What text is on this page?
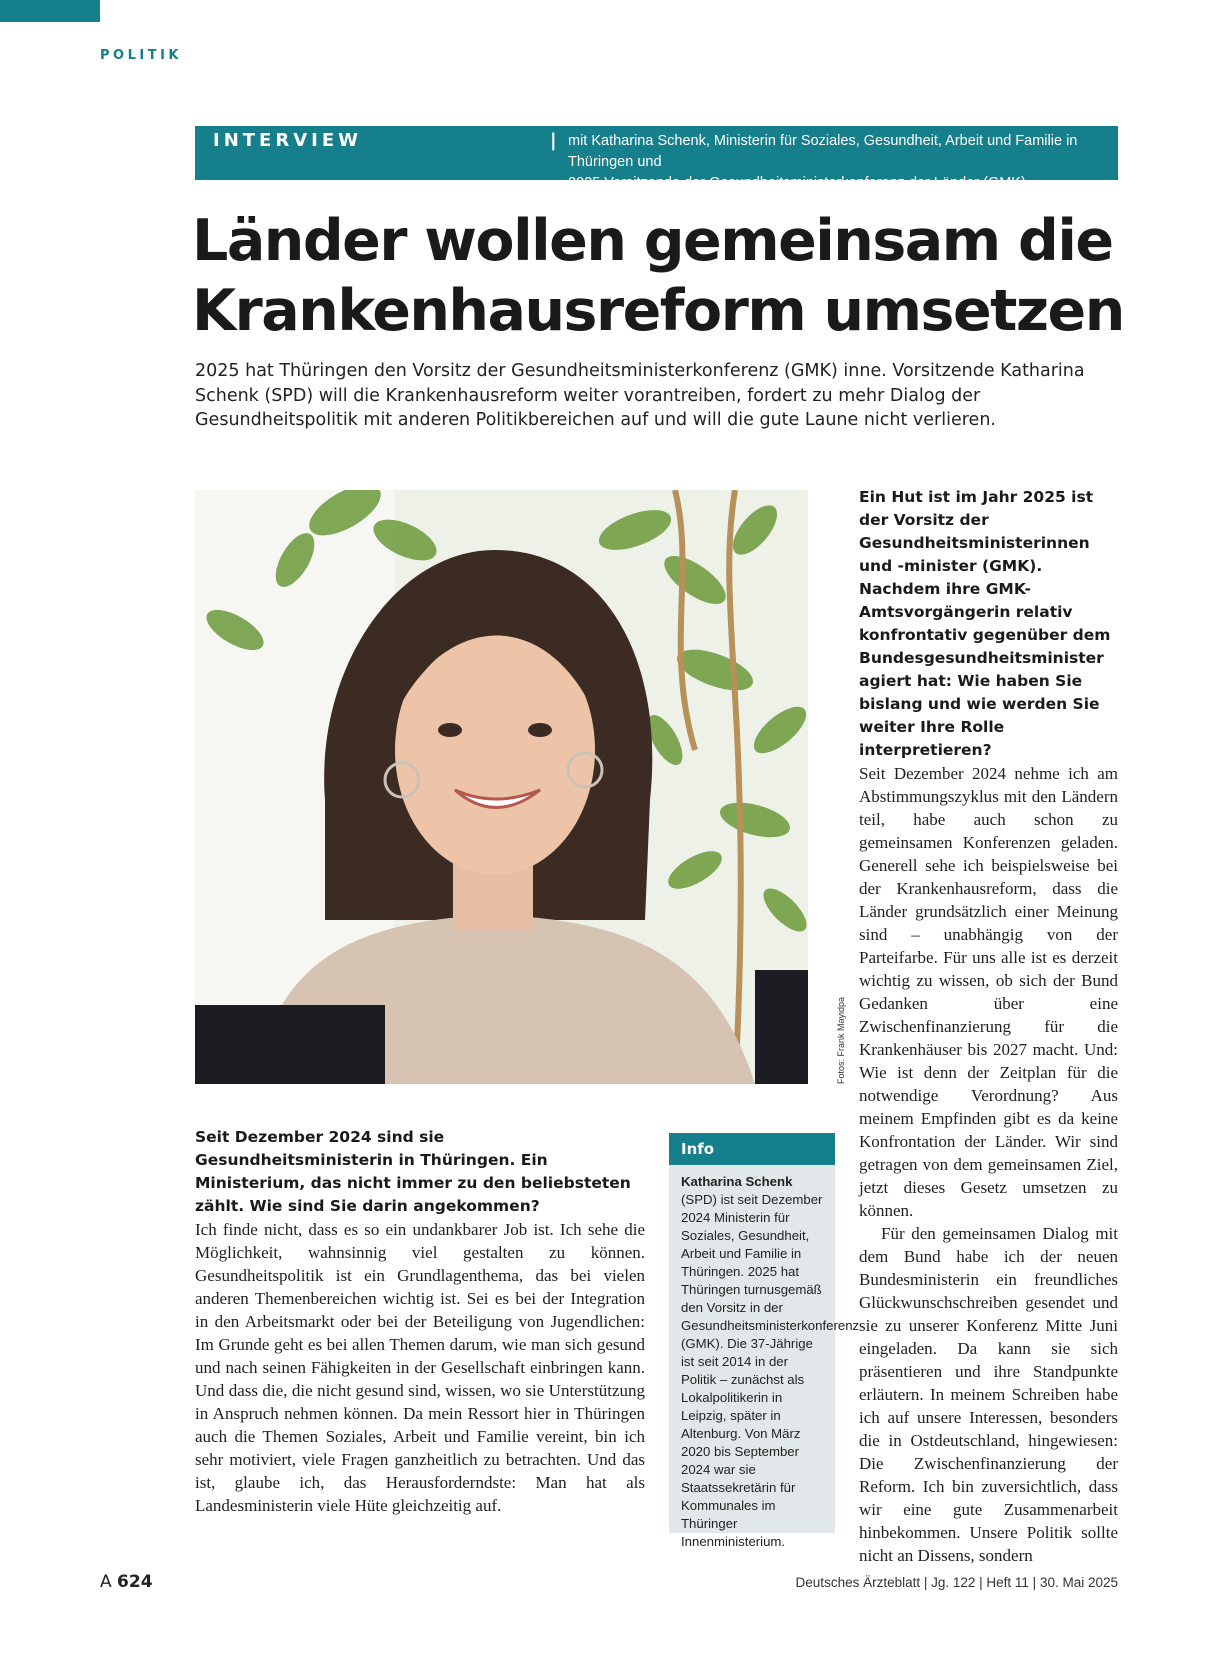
POLITIK
INTERVIEW	| mit Katharina Schenk, Ministerin für Soziales, Gesundheit, Arbeit und Familie in Thüringen und
2025 Vorsitzende der Gesundheitsministerkonferenz der Länder (GMK)
Länder wollen gemeinsam die
Krankenhausreform umsetzen

2025 hat Thüringen den Vorsitz der Gesundheitsministerkonferenz (GMK) inne. Vorsitzende Katharina Schenk (SPD) will die Krankenhausreform weiter vorantreiben, fordert zu mehr Dialog der Gesundheitspolitik mit anderen Politikbereichen auf und will die gute Laune nicht verlieren.

Fotos: Frank Mayidpa

Seit Dezember 2024 sind sie Gesundheitsministerin in Thüringen. Ein Ministerium, das nicht immer zu den beliebsteten zählt. Wie sind Sie darin angekommen?

Ich finde nicht, dass es so ein undankbarer Job ist. Ich sehe die Möglichkeit, wahnsinnig viel gestalten zu können. Gesundheitspolitik ist ein Grundlagenthema, das bei vielen anderen Themenbereichen wichtig ist. Sei es bei der Integration in den Arbeitsmarkt oder bei der Beteiligung von Jugendlichen: Im Grunde geht es bei allen Themen darum, wie man sich gesund und nach seinen Fähigkeiten in der Gesellschaft einbringen kann. Und dass die, die nicht gesund sind, wissen, wo sie Unterstützung in Anspruch nehmen können. Da mein Ressort hier in Thüringen auch die Themen Soziales, Arbeit und Familie vereint, bin ich sehr motiviert, viele Fragen ganzheitlich zu betrachten. Und das ist, glaube ich, das Herausforderndste: Man hat als Landesministerin viele Hüte gleichzeitig auf.

Info
Katharina Schenk
(SPD) ist seit Dezember 2024 Ministerin für Soziales, Gesundheit, Arbeit und Familie in Thüringen. 2025 hat Thüringen turnusgemäß den Vorsitz in der Gesundheitsministerkonferenz (GMK). Die 37-Jährige ist seit 2014 in der Politik – zunächst als Lokalpolitikerin in Leipzig, später in Altenburg. Von März 2020 bis September 2024 war sie Staatssekretärin für Kommunales im Thüringer Innenministerium.

Ein Hut ist im Jahr 2025 ist der Vorsitz der Gesundheitsministerinnen und -minister (GMK). Nachdem ihre GMK-Amtsvorgängerin relativ konfrontativ gegenüber dem Bundesgesundheitsminister agiert hat: Wie haben Sie bislang und wie werden Sie weiter Ihre Rolle interpretieren?

Seit Dezember 2024 nehme ich am Abstimmungszyklus mit den Ländern teil, habe auch schon zu gemeinsamen Konferenzen geladen. Generell sehe ich beispielsweise bei der Krankenhausreform, dass die Länder grundsätzlich einer Meinung sind – unabhängig von der Parteifarbe. Für uns alle ist es derzeit wichtig zu wissen, ob sich der Bund Gedanken über eine Zwischenfinanzierung für die Krankenhäuser bis 2027 macht. Und: Wie ist denn der Zeitplan für die notwendige Verordnung? Aus meinem Empfinden gibt es da keine Konfrontation der Länder. Wir sind getragen von dem gemeinsamen Ziel, jetzt dieses Gesetz umsetzen zu können.

Für den gemeinsamen Dialog mit dem Bund habe ich der neuen Bundesministerin ein freundliches Glückwunschschreiben gesendet und sie zu unserer Konferenz Mitte Juni eingeladen. Da kann sie sich präsentieren und ihre Standpunkte erläutern. In meinem Schreiben habe ich auf unsere Interessen, besonders die in Ostdeutschland, hingewiesen: Die Zwischenfinanzierung der Reform. Ich bin zuversichtlich, dass wir eine gute Zusammenarbeit hinbekommen. Unsere Politik sollte nicht an Dissens, sondern

A 624	Deutsches Ärzteblatt | Jg. 122 | Heft 11 | 30. Mai 2025
